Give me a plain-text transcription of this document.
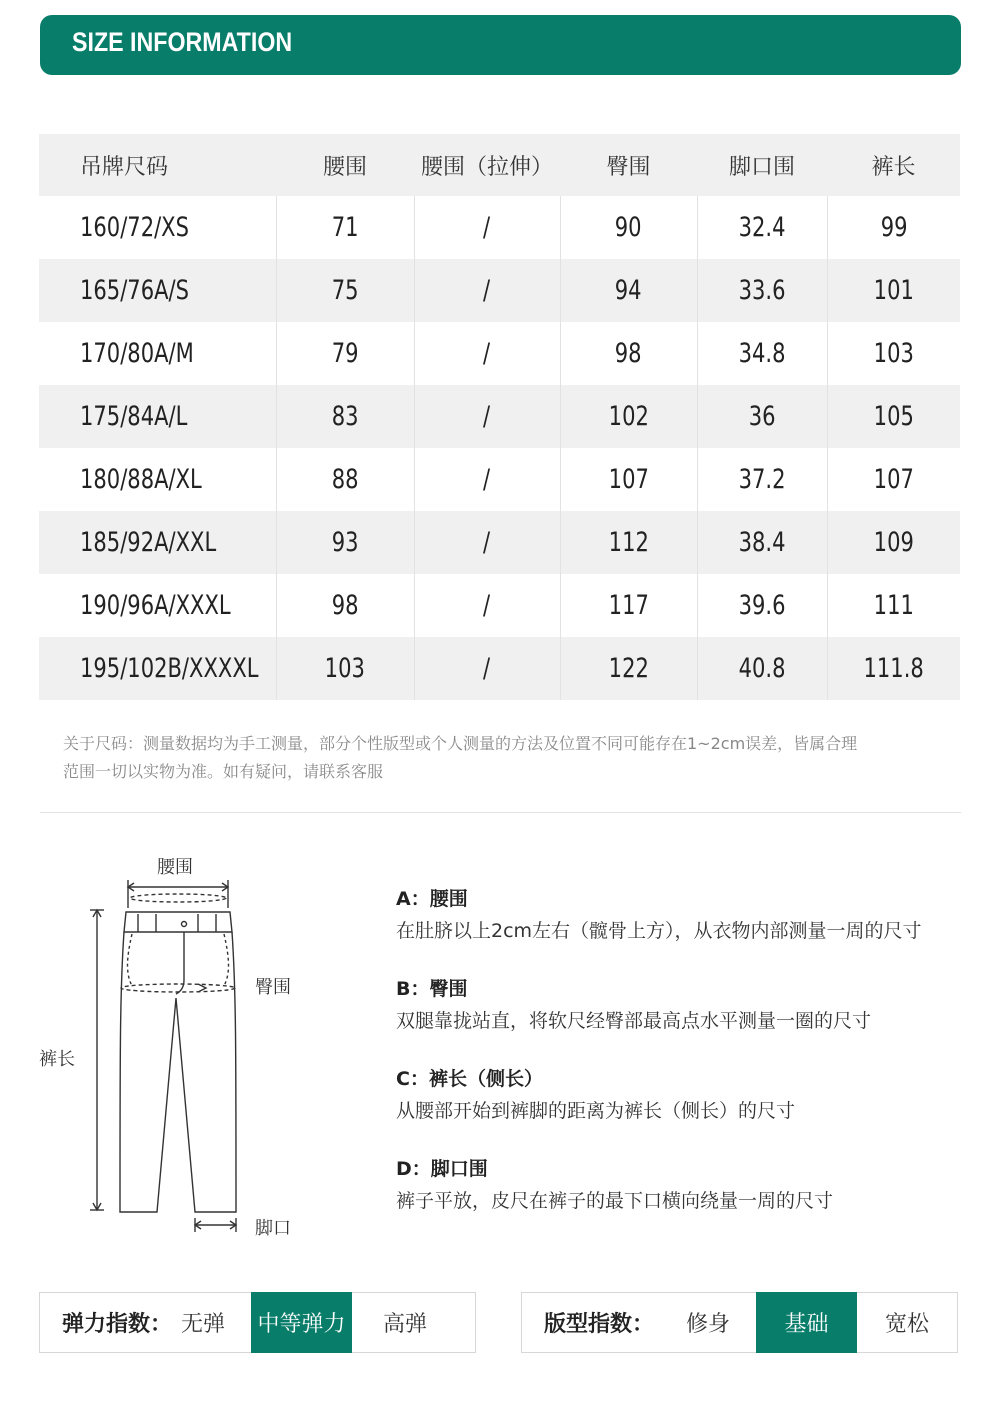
SIZE INFORMATION
吊牌尺码	腰围	腰围（拉伸）	臀围	脚口围	裤长
160/72/XS	71	/	90	32.4	99
165/76A/S	75	/	94	33.6	101
170/80A/M	79	/	98	34.8	103
175/84A/L	83	/	102	36	105
180/88A/XL	88	/	107	37.2	107
185/92A/XXL	93	/	112	38.4	109
190/96A/XXXL	98	/	117	39.6	111
195/102B/XXXXL	103	/	122	40.8	111.8
关于尺码：测量数据均为手工测量，部分个性版型或个人测量的方法及位置不同可能存在1~2cm误差，皆属合理
范围一切以实物为准。如有疑问，请联系客服
腰围
臀围
裤长
脚口
A：腰围
在肚脐以上2cm左右（髋骨上方），从衣物内部测量一周的尺寸
B：臀围
双腿靠拢站直，将软尺经臀部最高点水平测量一圈的尺寸
C：裤长（侧长）
从腰部开始到裤脚的距离为裤长（侧长）的尺寸
D：脚口围
裤子平放，皮尺在裤子的最下口横向绕量一周的尺寸
弹力指数： 无弹 中等弹力	高弹	版型指数： 修身	基础	宽松
